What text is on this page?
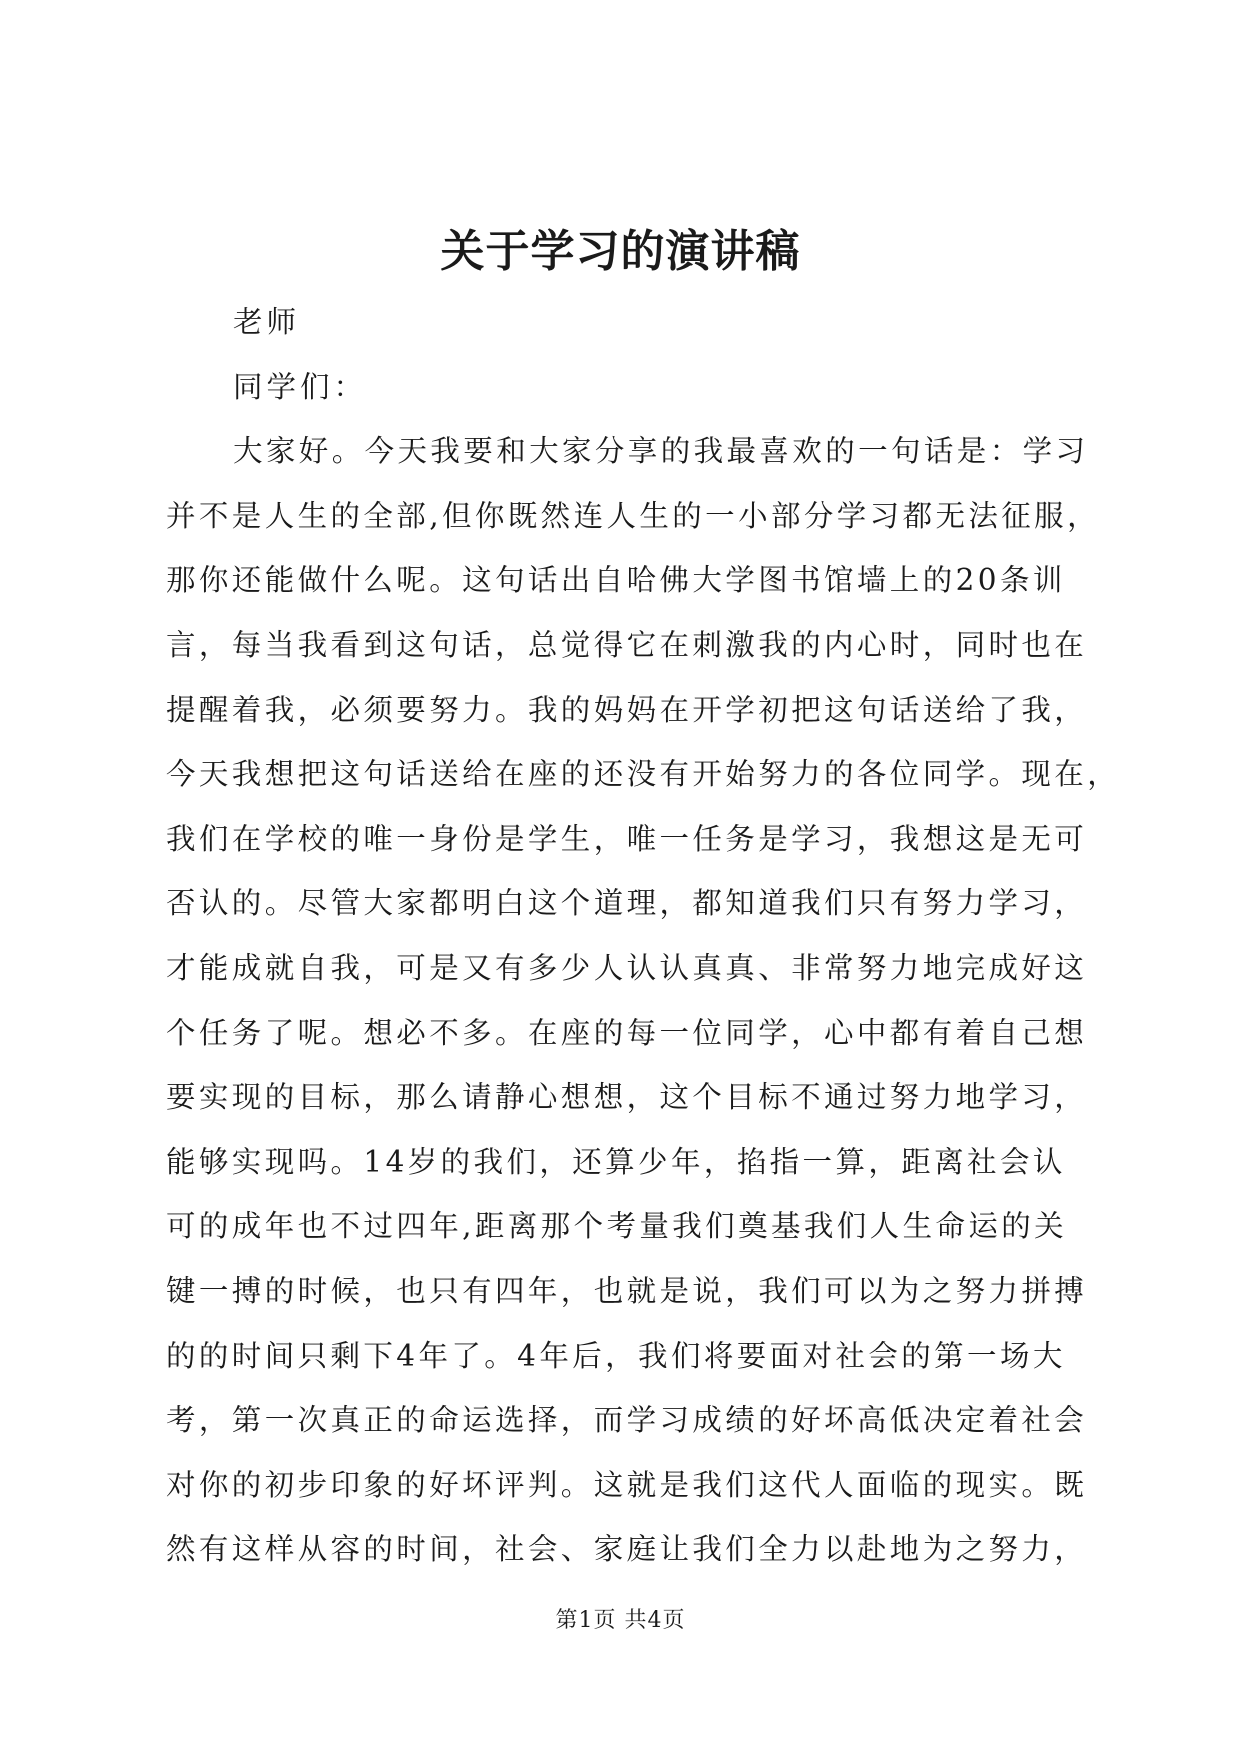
关于学习的演讲稿
老师
同学们：
大家好。今天我要和大家分享的我最喜欢的一句话是：学习
并不是人生的全部,但你既然连人生的一小部分学习都无法征服，
那你还能做什么呢。这句话出自哈佛大学图书馆墙上的20条训
言，每当我看到这句话，总觉得它在刺激我的内心时，同时也在
提醒着我，必须要努力。我的妈妈在开学初把这句话送给了我，
今天我想把这句话送给在座的还没有开始努力的各位同学。现在，
我们在学校的唯一身份是学生，唯一任务是学习，我想这是无可
否认的。尽管大家都明白这个道理，都知道我们只有努力学习，
才能成就自我，可是又有多少人认认真真、非常努力地完成好这
个任务了呢。想必不多。在座的每一位同学，心中都有着自己想
要实现的目标，那么请静心想想，这个目标不通过努力地学习，
能够实现吗。14岁的我们，还算少年，掐指一算，距离社会认
可的成年也不过四年,距离那个考量我们奠基我们人生命运的关
键一搏的时候，也只有四年，也就是说，我们可以为之努力拼搏
的的时间只剩下4年了。4年后，我们将要面对社会的第一场大
考，第一次真正的命运选择，而学习成绩的好坏高低决定着社会
对你的初步印象的好坏评判。这就是我们这代人面临的现实。既
然有这样从容的时间，社会、家庭让我们全力以赴地为之努力，
第1页 共4页
